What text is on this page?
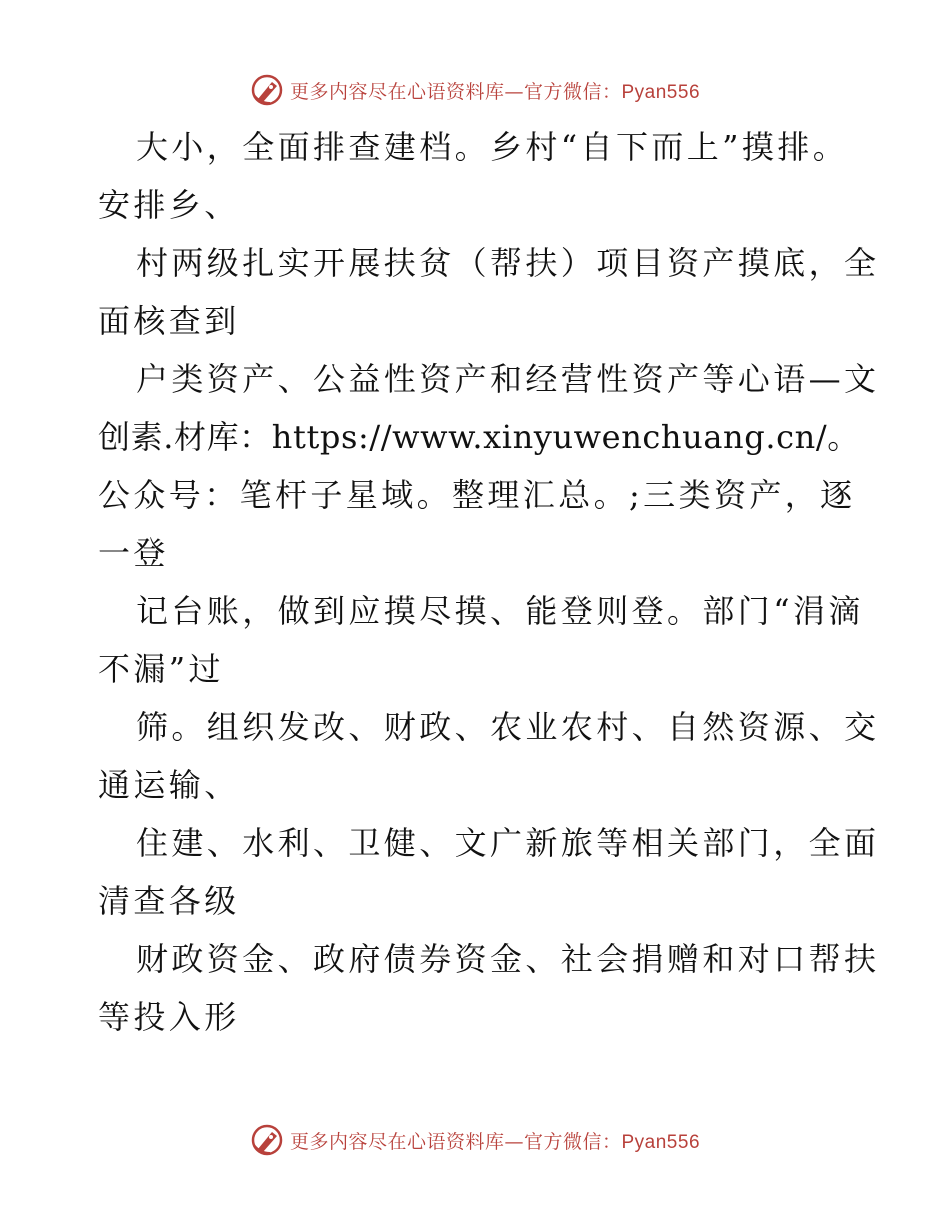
更多内容尽在心语资料库—官方微信：Pyan556
大小，全面排查建档。乡村“自下而上”摸排。
安排乡、
村两级扎实开展扶贫（帮扶）项目资产摸底，全
面核查到
户类资产、公益性资产和经营性资产等心语—文
创素.材库：https://www.xinyuwenchuang.cn/。
公众号：笔杆子星域。整理汇总。;三类资产，逐
一登
记台账，做到应摸尽摸、能登则登。部门“涓滴
不漏”过
筛。组织发改、财政、农业农村、自然资源、交
通运输、
住建、水利、卫健、文广新旅等相关部门，全面
清查各级
财政资金、政府债券资金、社会捐赠和对口帮扶
等投入形
更多内容尽在心语资料库—官方微信：Pyan556
